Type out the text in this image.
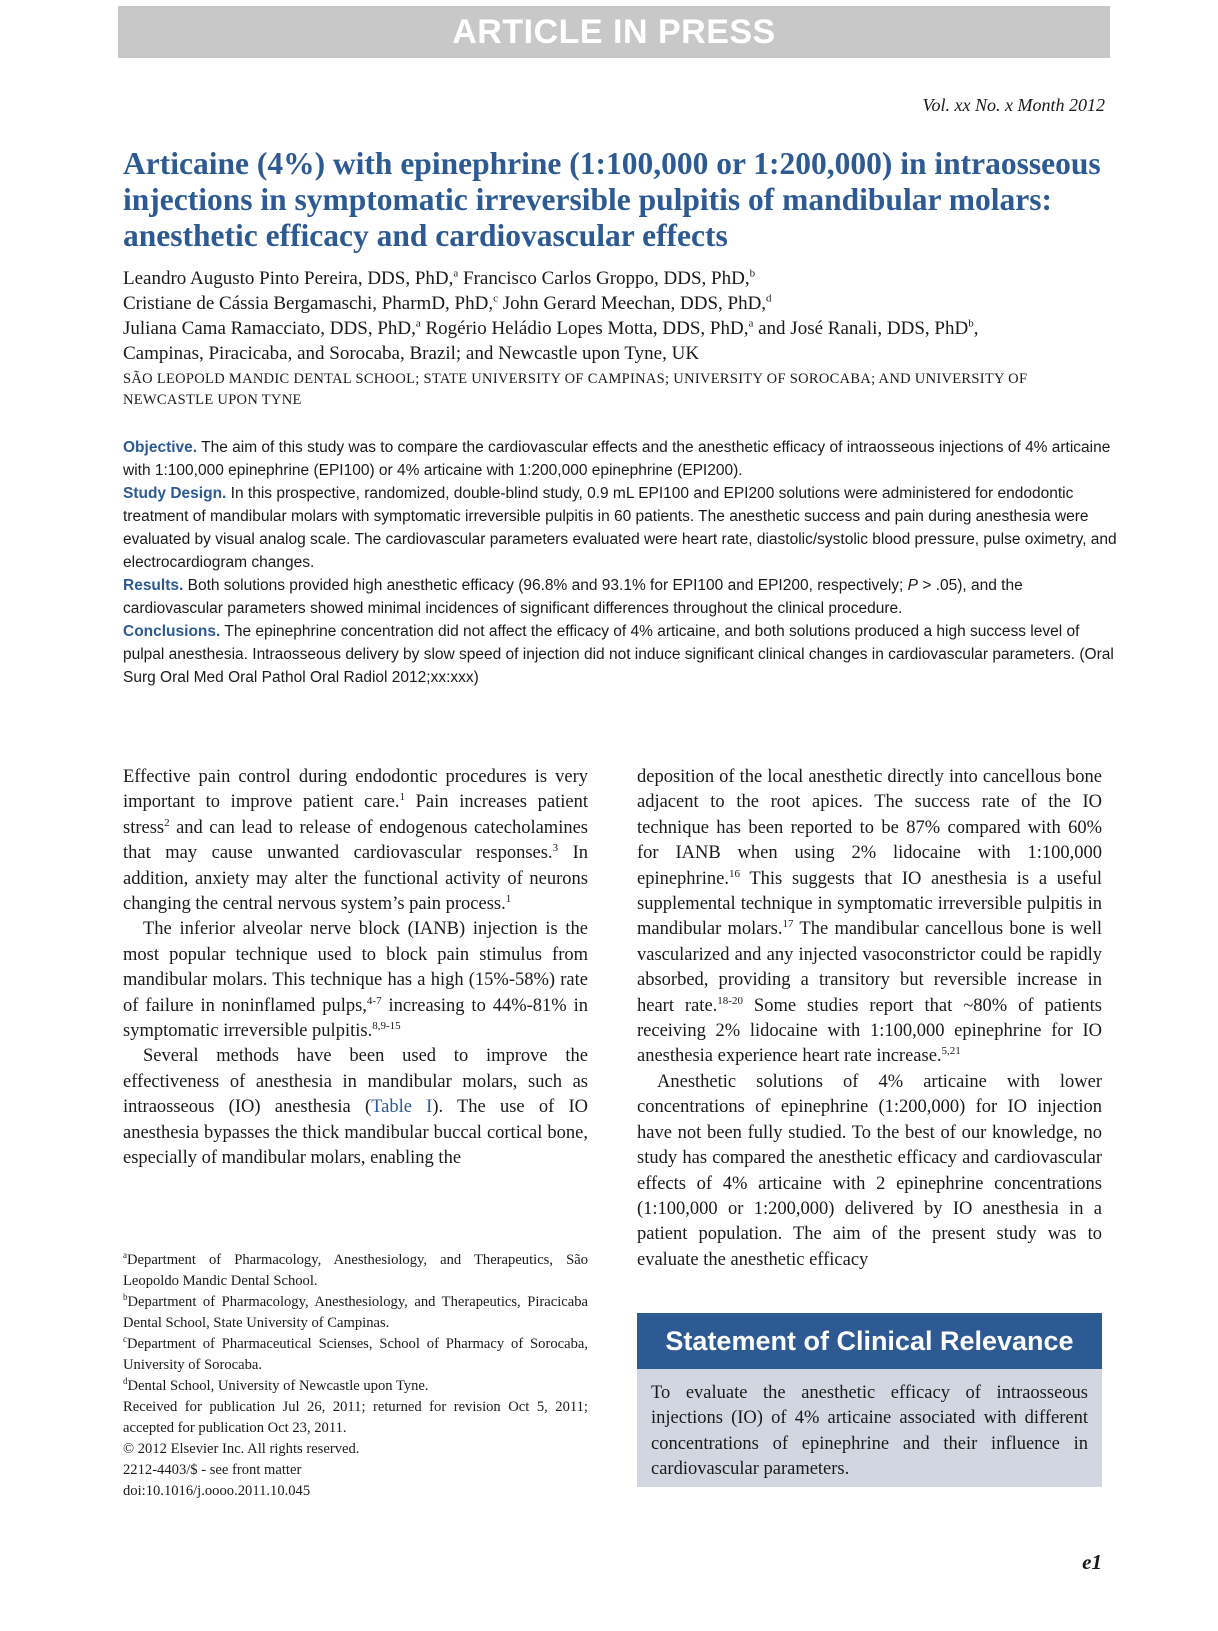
ARTICLE IN PRESS
Vol. xx No. x Month 2012
Articaine (4%) with epinephrine (1:100,000 or 1:200,000) in intraosseous injections in symptomatic irreversible pulpitis of mandibular molars: anesthetic efficacy and cardiovascular effects
Leandro Augusto Pinto Pereira, DDS, PhD,$^a$ Francisco Carlos Groppo, DDS, PhD,$^b$
Cristiane de Cássia Bergamaschi, PharmD, PhD,$^c$ John Gerard Meechan, DDS, PhD,$^d$
Juliana Cama Ramacciato, DDS, PhD,$^a$ Rogério Heládio Lopes Motta, DDS, PhD,$^a$ and José Ranali, DDS, PhD$^b$,
Campinas, Piracicaba, and Sorocaba, Brazil; and Newcastle upon Tyne, UK
SÃO LEOPOLD MANDIC DENTAL SCHOOL; STATE UNIVERSITY OF CAMPINAS; UNIVERSITY OF SOROCABA; AND UNIVERSITY OF NEWCASTLE UPON TYNE

Objective. The aim of this study was to compare the cardiovascular effects and the anesthetic efficacy of intraosseous injections of 4% articaine with 1:100,000 epinephrine (EPI100) or 4% articaine with 1:200,000 epinephrine (EPI200).

Study Design. In this prospective, randomized, double-blind study, 0.9 mL EPI100 and EPI200 solutions were administered for endodontic treatment of mandibular molars with symptomatic irreversible pulpitis in 60 patients. The anesthetic success and pain during anesthesia were evaluated by visual analog scale. The cardiovascular parameters evaluated were heart rate, diastolic/systolic blood pressure, pulse oximetry, and electrocardiogram changes.

Results. Both solutions provided high anesthetic efficacy (96.8% and 93.1% for EPI100 and EPI200, respectively; P > .05), and the cardiovascular parameters showed minimal incidences of significant differences throughout the clinical procedure.

Conclusions. The epinephrine concentration did not affect the efficacy of 4% articaine, and both solutions produced a high success level of pulpal anesthesia. Intraosseous delivery by slow speed of injection did not induce significant clinical changes in cardiovascular parameters. (Oral Surg Oral Med Oral Pathol Oral Radiol 2012;xx:xxx)

Effective pain control during endodontic procedures is very important to improve patient care.$^1$ Pain increases patient stress$^2$ and can lead to release of endogenous catecholamines that may cause unwanted cardiovascular responses.$^3$ In addition, anxiety may alter the functional activity of neurons changing the central nervous system’s pain process.$^1$

The inferior alveolar nerve block (IANB) injection is the most popular technique used to block pain stimulus from mandibular molars. This technique has a high (15%-58%) rate of failure in noninflamed pulps,$^{4-7}$ increasing to 44%-81% in symptomatic irreversible pulpitis.$^{8,9-15}$

Several methods have been used to improve the effectiveness of anesthesia in mandibular molars, such as intraosseous (IO) anesthesia (Table I). The use of IO anesthesia bypasses the thick mandibular buccal cortical bone, especially of mandibular molars, enabling the

deposition of the local anesthetic directly into cancellous bone adjacent to the root apices. The success rate of the IO technique has been reported to be 87% compared with 60% for IANB when using 2% lidocaine with 1:100,000 epinephrine.$^{16}$ This suggests that IO anesthesia is a useful supplemental technique in symptomatic irreversible pulpitis in mandibular molars.$^{17}$ The mandibular cancellous bone is well vascularized and any injected vasoconstrictor could be rapidly absorbed, providing a transitory but reversible increase in heart rate.$^{18-20}$ Some studies report that ~80% of patients receiving 2% lidocaine with 1:100,000 epinephrine for IO anesthesia experience heart rate increase.$^{5,21}$

Anesthetic solutions of 4% articaine with lower concentrations of epinephrine (1:200,000) for IO injection have not been fully studied. To the best of our knowledge, no study has compared the anesthetic efficacy and cardiovascular effects of 4% articaine with 2 epinephrine concentrations (1:100,000 or 1:200,000) delivered by IO anesthesia in a patient population. The aim of the present study was to evaluate the anesthetic efficacy

$^a$Department of Pharmacology, Anesthesiology, and Therapeutics, São Leopoldo Mandic Dental School.

$^b$Department of Pharmacology, Anesthesiology, and Therapeutics, Piracicaba Dental School, State University of Campinas.

$^c$Department of Pharmaceutical Scienses, School of Pharmacy of Sorocaba, University of Sorocaba.

$^d$Dental School, University of Newcastle upon Tyne.

Received for publication Jul 26, 2011; returned for revision Oct 5, 2011; accepted for publication Oct 23, 2011.

© 2012 Elsevier Inc. All rights reserved.

2212-4403/$ - see front matter

doi:10.1016/j.oooo.2011.10.045

Statement of Clinical Relevance
To evaluate the anesthetic efficacy of intraosseous injections (IO) of 4% articaine associated with different concentrations of epinephrine and their influence in cardiovascular parameters.
e1
